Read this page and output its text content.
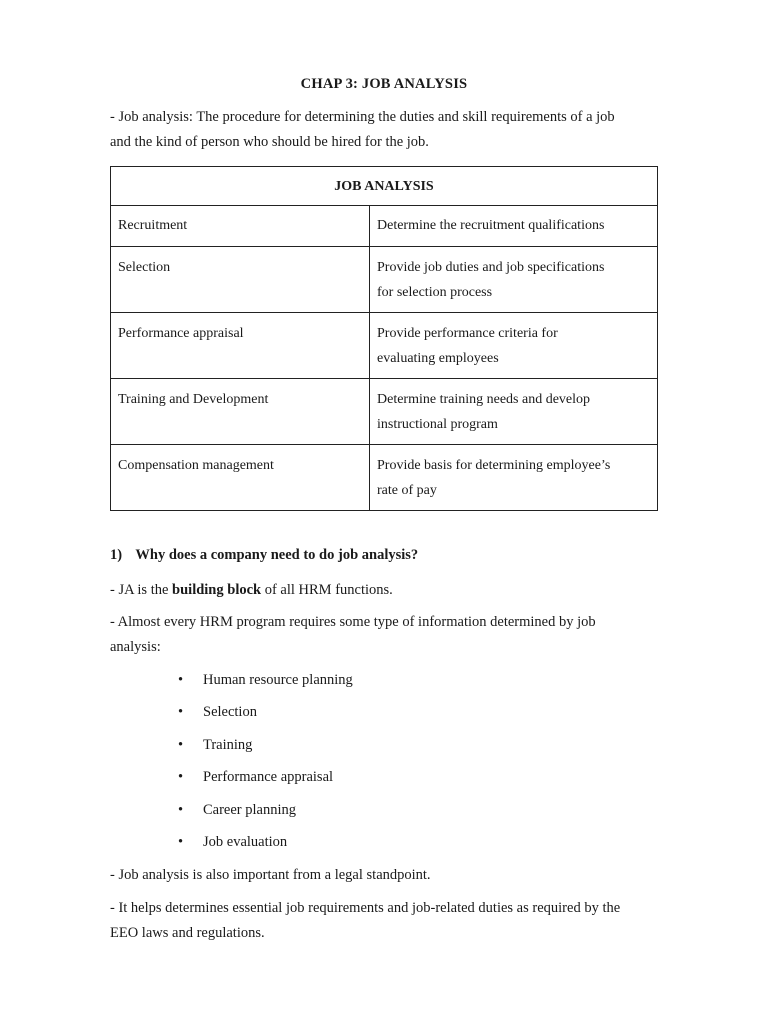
CHAP 3: JOB ANALYSIS

- Job analysis: The procedure for determining the duties and skill requirements of a job
and the kind of person who should be hired for the job.

JOB ANALYSIS	
Recruitment	Determine the recruitment qualifications
Selection	Provide job duties and job specifications
for selection process
Performance appraisal	Provide performance criteria for
evaluating employees
Training and Development	Determine training needs and develop
instructional program
Compensation management	Provide basis for determining employee’s
rate of pay
1) Why does a company need to do job analysis?

- JA is the building block of all HRM functions.

- Almost every HRM program requires some type of information determined by job
analysis:

• Human resource planning
• Selection
• Training
• Performance appraisal
• Career planning
• Job evaluation

- Job analysis is also important from a legal standpoint.

- It helps determines essential job requirements and job-related duties as required by the
EEO laws and regulations.
